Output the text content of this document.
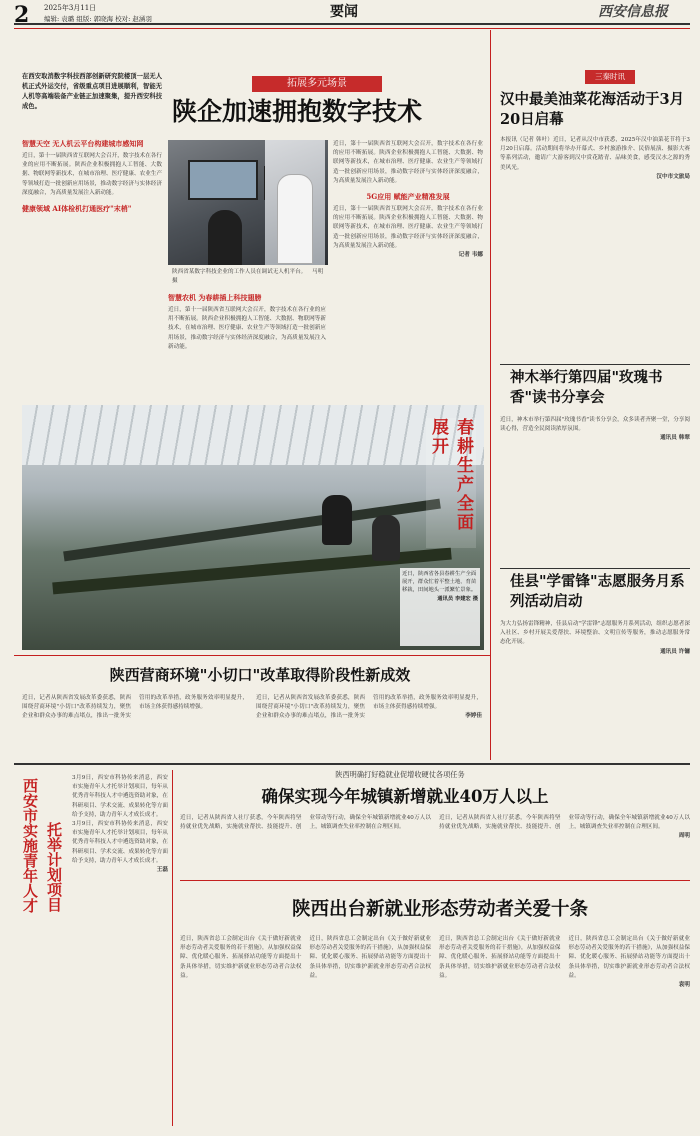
2 2025年3月11日	要闻	西安信息报
编辑: 袁璐 组版: 郭晓海 校对: 赵涵羽
在西安取消数字科技西部创新研究院楼顶一层无人机正式外运交付，省级重点项目进展顺利，智能无人机等高端装备产业链正加速聚集，提升西安科技成色。
拓展多元场景
陕企加速拥抱数字技术
智慧天空 无人机云平台构建城市感知网

近日，第十一届陕西省互联网大会召开，数字技术在各行业的应用不断拓展。陕西企业积极拥抱人工智能、大数据、物联网等新技术，在城市治理、医疗健康、农业生产等领域打造一批创新应用场景，推动数字经济与实体经济深度融合，为高质量发展注入新动能。

健康领域 AI体检机打通医疗"末梢"
陕西省某数字科技企业的工作人员在调试无人机平台。 马明 摄
智慧农机 为春耕插上科技翅膀

近日，第十一届陕西省互联网大会召开，数字技术在各行业的应用不断拓展。陕西企业积极拥抱人工智能、大数据、物联网等新技术，在城市治理、医疗健康、农业生产等领域打造一批创新应用场景，推动数字经济与实体经济深度融合，为高质量发展注入新动能。

近日，第十一届陕西省互联网大会召开，数字技术在各行业的应用不断拓展。陕西企业积极拥抱人工智能、大数据、物联网等新技术，在城市治理、医疗健康、农业生产等领域打造一批创新应用场景，推动数字经济与实体经济深度融合，为高质量发展注入新动能。

5G应用 赋能产业精准发展

近日，第十一届陕西省互联网大会召开，数字技术在各行业的应用不断拓展。陕西企业积极拥抱人工智能、大数据、物联网等新技术，在城市治理、医疗健康、农业生产等领域打造一批创新应用场景，推动数字经济与实体经济深度融合，为高质量发展注入新动能。

记者 韦娜
春耕生产全面展开
近日，陕西省各县春耕生产全面展开，群众忙着平整土地、育苗移栽，田间地头一派繁忙景象。
通讯员 李建宏 摄
三秦时讯
汉中最美油菜花海活动于3月20日启幕

本报讯（记者 韩叶）近日，记者从汉中市获悉，2025年汉中油菜花节将于3月20日启幕。活动期间将举办开幕式、乡村旅游推介、民俗展演、摄影大赛等系列活动，邀请广大游客到汉中赏花踏青、品味美食，感受汉水之源的秀美风光。

汉中市文旅局

神木举行第四届"玫瑰书香"读书分享会

近日，神木市举行第四届"玫瑰书香"读书分享会，众多读者齐聚一堂，分享阅读心得，营造全民阅读浓厚氛围。

通讯员 韩翠

佳县"学雷锋"志愿服务月系列活动启动

为大力弘扬雷锋精神，佳县启动"学雷锋"志愿服务月系列活动，组织志愿者深入社区、乡村开展关爱帮扶、环境整治、文明宣传等服务，推动志愿服务常态化开展。

通讯员 许镛

陕西营商环境"小切口"改革取得阶段性新成效

近日，记者从陕西省发展改革委获悉，陕西围绕营商环境"小切口"改革持续发力，聚焦企业和群众办事的难点堵点，推出一批务实管用的改革举措，政务服务效率明显提升，市场主体获得感持续增强。

近日，记者从陕西省发展改革委获悉，陕西围绕营商环境"小切口"改革持续发力，聚焦企业和群众办事的难点堵点，推出一批务实管用的改革举措，政务服务效率明显提升，市场主体获得感持续增强。

李婷佳

陕西明确打好稳就业促增收硬仗各项任务
确保实现今年城镇新增就业40万人以上
西安市实施青年人才 托举计划项目

3月9日，西安市科协传来消息，西安市实施青年人才托举计划项目，每年从优秀青年科技人才中遴选资助对象，在科研项目、学术交流、成果转化等方面给予支持，助力青年人才成长成才。

3月9日，西安市科协传来消息，西安市实施青年人才托举计划项目，每年从优秀青年科技人才中遴选资助对象，在科研项目、学术交流、成果转化等方面给予支持，助力青年人才成长成才。

王磊

近日，记者从陕西省人社厅获悉，今年陕西将坚持就业优先战略，实施就业帮扶、技能提升、创业带动等行动，确保全年城镇新增就业40万人以上，城镇调查失业率控制在合理区间。

近日，记者从陕西省人社厅获悉，今年陕西将坚持就业优先战略，实施就业帮扶、技能提升、创业带动等行动，确保全年城镇新增就业40万人以上，城镇调查失业率控制在合理区间。

周明

陕西出台新就业形态劳动者关爱十条

近日，陕西省总工会制定出台《关于做好新就业形态劳动者关爱服务的若干措施》，从加强权益保障、优化暖心服务、拓展驿站功能等方面提出十条具体举措，切实维护新就业形态劳动者合法权益。

近日，陕西省总工会制定出台《关于做好新就业形态劳动者关爱服务的若干措施》，从加强权益保障、优化暖心服务、拓展驿站功能等方面提出十条具体举措，切实维护新就业形态劳动者合法权益。

近日，陕西省总工会制定出台《关于做好新就业形态劳动者关爱服务的若干措施》，从加强权益保障、优化暖心服务、拓展驿站功能等方面提出十条具体举措，切实维护新就业形态劳动者合法权益。

近日，陕西省总工会制定出台《关于做好新就业形态劳动者关爱服务的若干措施》，从加强权益保障、优化暖心服务、拓展驿站功能等方面提出十条具体举措，切实维护新就业形态劳动者合法权益。

袁明
